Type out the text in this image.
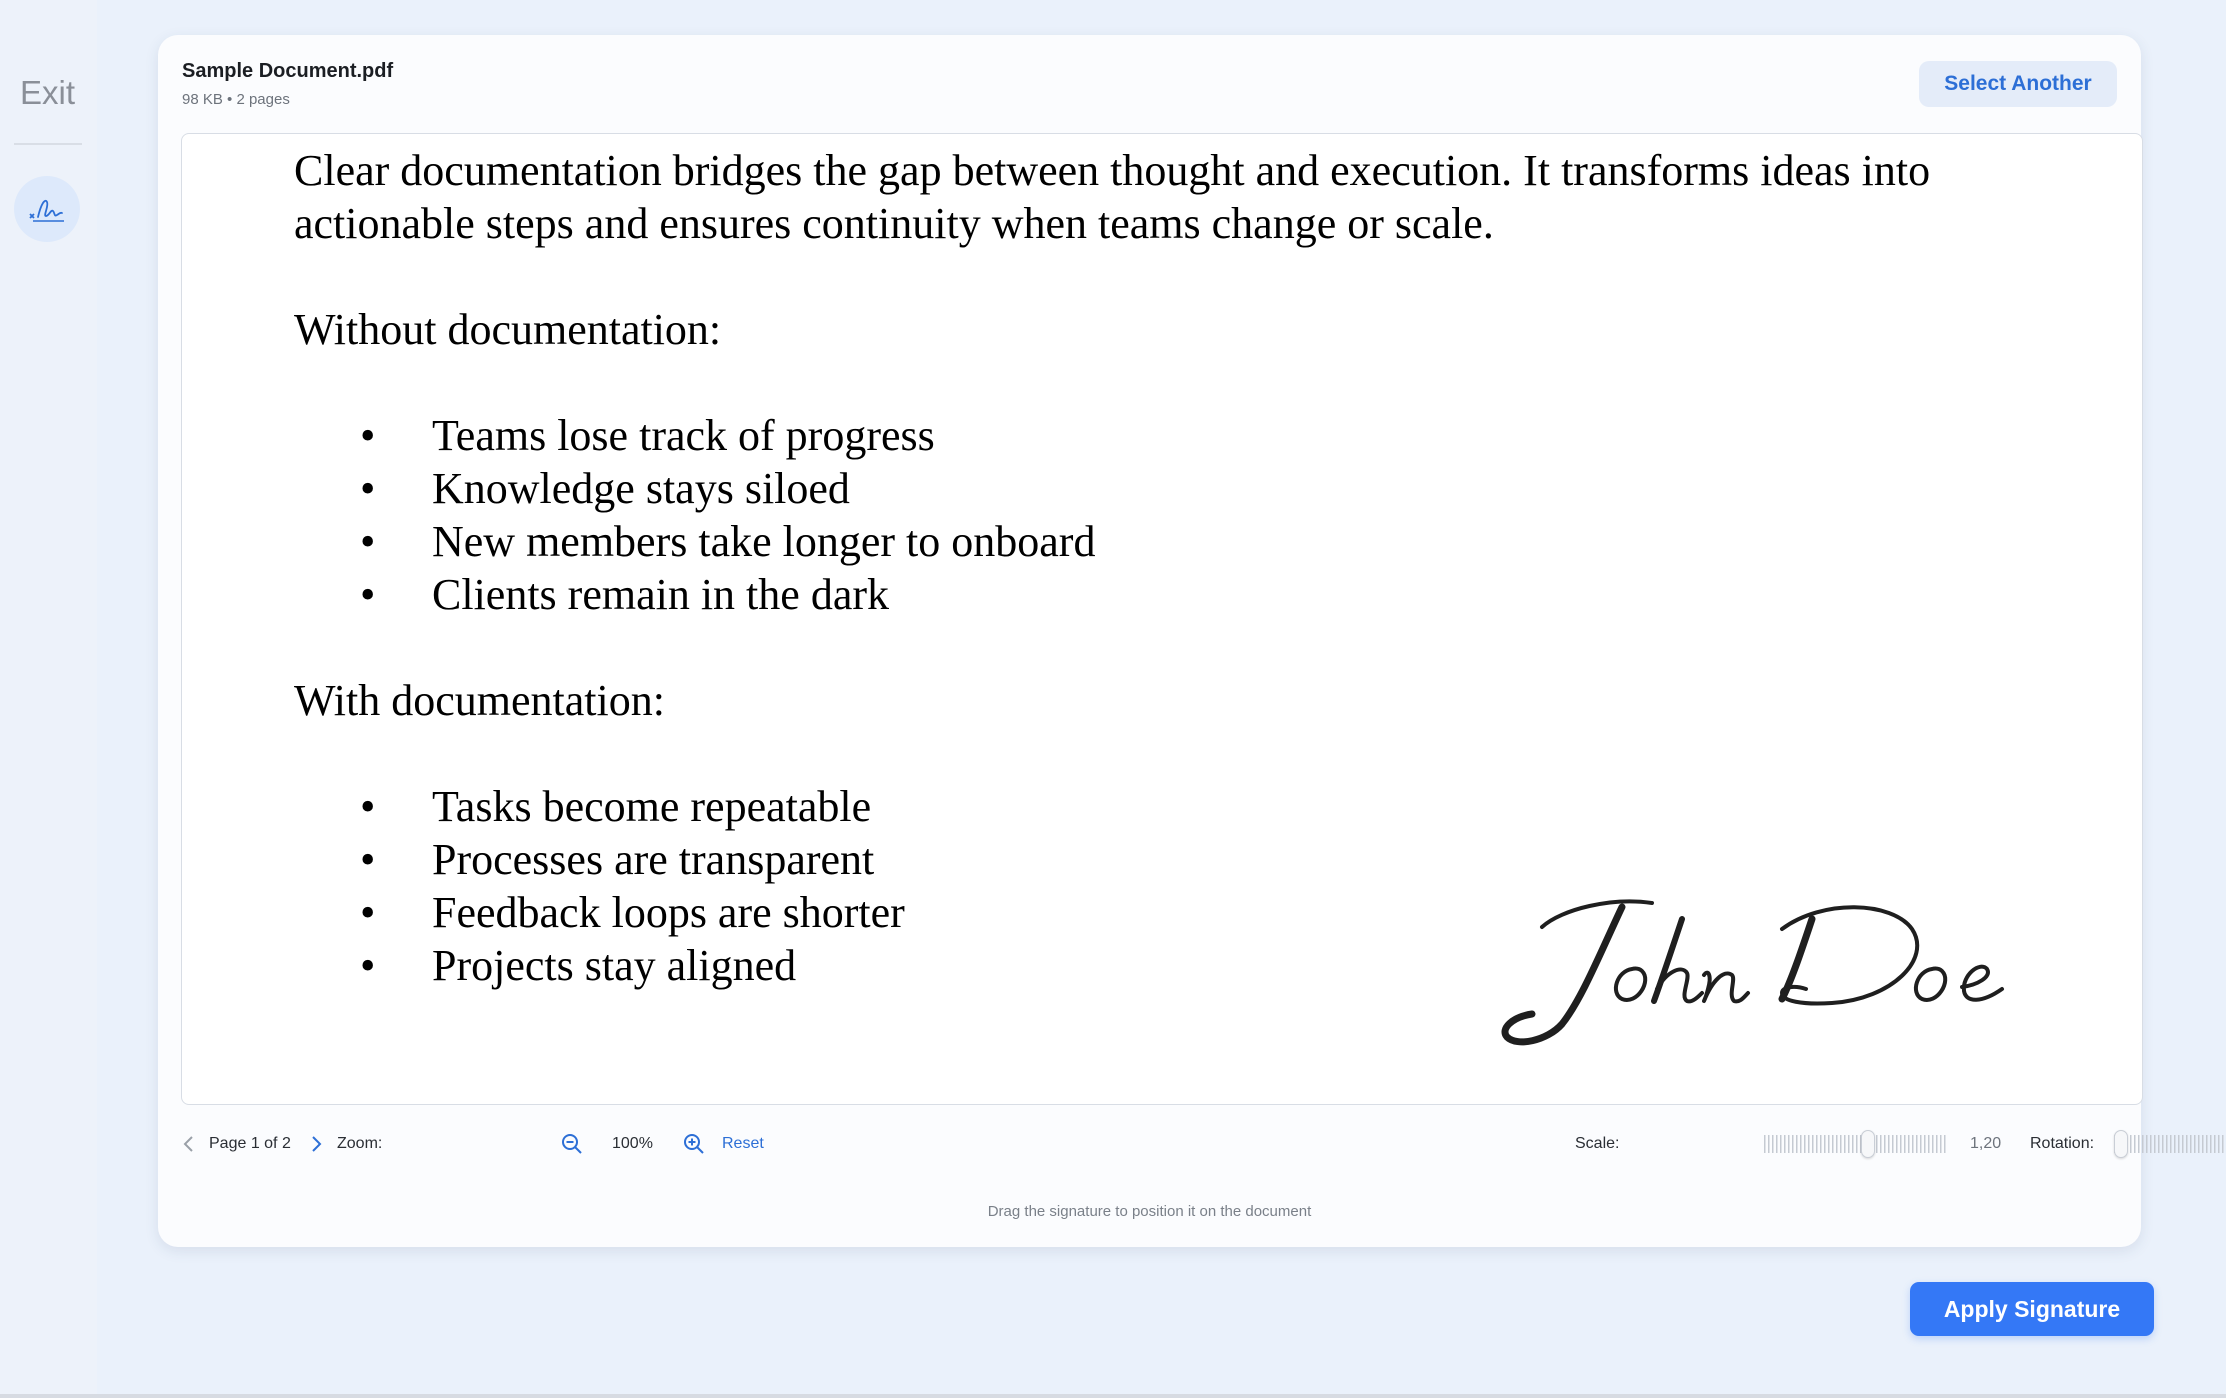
Exit
Sample Document.pdf
98 KB • 2 pages
Select Another

Clear documentation bridges the gap between thought and execution. It transforms ideas into actionable steps and ensures continuity when teams change or scale.

Without documentation:

• Teams lose track of progress
• Knowledge stays siloed
• New members take longer to onboard
• Clients remain in the dark

With documentation:

• Tasks become repeatable
• Processes are transparent
• Feedback loops are shorter
• Projects stay aligned
Page 1 of 2	Zoom:	100%	Reset	Scale:	1,20 Rotation:
Drag the signature to position it on the document
Apply Signature
